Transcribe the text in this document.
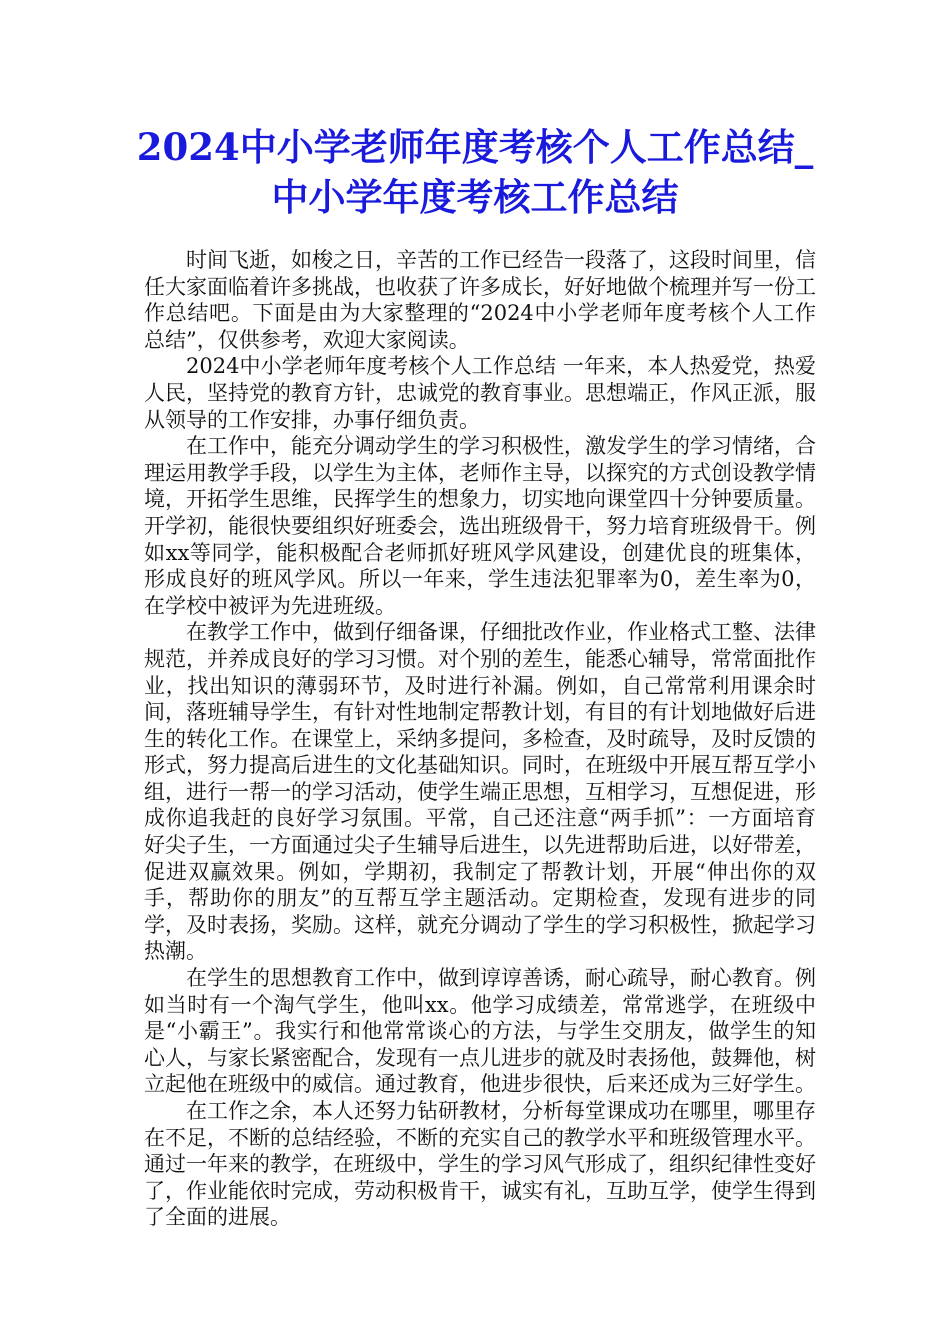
2024中小学老师年度考核个人工作总结_中小学年度考核工作总结

时间飞逝，如梭之日，辛苦的工作已经告一段落了，这段时间里，信任大家面临着许多挑战，也收获了许多成长，好好地做个梳理并写一份工作总结吧。下面是由为大家整理的“2024中小学老师年度考核个人工作总结”，仅供参考，欢迎大家阅读。

2024中小学老师年度考核个人工作总结 一年来，本人热爱党，热爱人民，坚持党的教育方针，忠诚党的教育事业。思想端正，作风正派，服从领导的工作安排，办事仔细负责。

在工作中，能充分调动学生的学习积极性，激发学生的学习情绪，合理运用教学手段，以学生为主体，老师作主导，以探究的方式创设教学情境，开拓学生思维，民挥学生的想象力，切实地向课堂四十分钟要质量。开学初，能很快要组织好班委会，选出班级骨干，努力培育班级骨干。例如xx等同学，能积极配合老师抓好班风学风建设，创建优良的班集体，形成良好的班风学风。所以一年来，学生违法犯罪率为0，差生率为0，在学校中被评为先进班级。

在教学工作中，做到仔细备课，仔细批改作业，作业格式工整、法律规范，并养成良好的学习习惯。对个别的差生，能悉心辅导，常常面批作业，找出知识的薄弱环节，及时进行补漏。例如，自己常常利用课余时间，落班辅导学生，有针对性地制定帮教计划，有目的有计划地做好后进生的转化工作。在课堂上，采纳多提问，多检查，及时疏导，及时反馈的形式，努力提高后进生的文化基础知识。同时，在班级中开展互帮互学小组，进行一帮一的学习活动，使学生端正思想，互相学习，互想促进，形成你追我赶的良好学习氛围。平常，自己还注意“两手抓”：一方面培育好尖子生，一方面通过尖子生辅导后进生，以先进帮助后进，以好带差，促进双赢效果。例如，学期初，我制定了帮教计划，开展“伸出你的双手，帮助你的朋友”的互帮互学主题活动。定期检查，发现有进步的同学，及时表扬，奖励。这样，就充分调动了学生的学习积极性，掀起学习热潮。

在学生的思想教育工作中，做到谆谆善诱，耐心疏导，耐心教育。例如当时有一个淘气学生，他叫xx。他学习成绩差，常常逃学，在班级中是“小霸王”。我实行和他常常谈心的方法，与学生交朋友，做学生的知心人，与家长紧密配合，发现有一点儿进步的就及时表扬他，鼓舞他，树立起他在班级中的威信。通过教育，他进步很快，后来还成为三好学生。

在工作之余，本人还努力钻研教材，分析每堂课成功在哪里，哪里存在不足，不断的总结经验，不断的充实自己的教学水平和班级管理水平。通过一年来的教学，在班级中，学生的学习风气形成了，组织纪律性变好了，作业能依时完成，劳动积极肯干，诚实有礼，互助互学，使学生得到了全面的进展。
